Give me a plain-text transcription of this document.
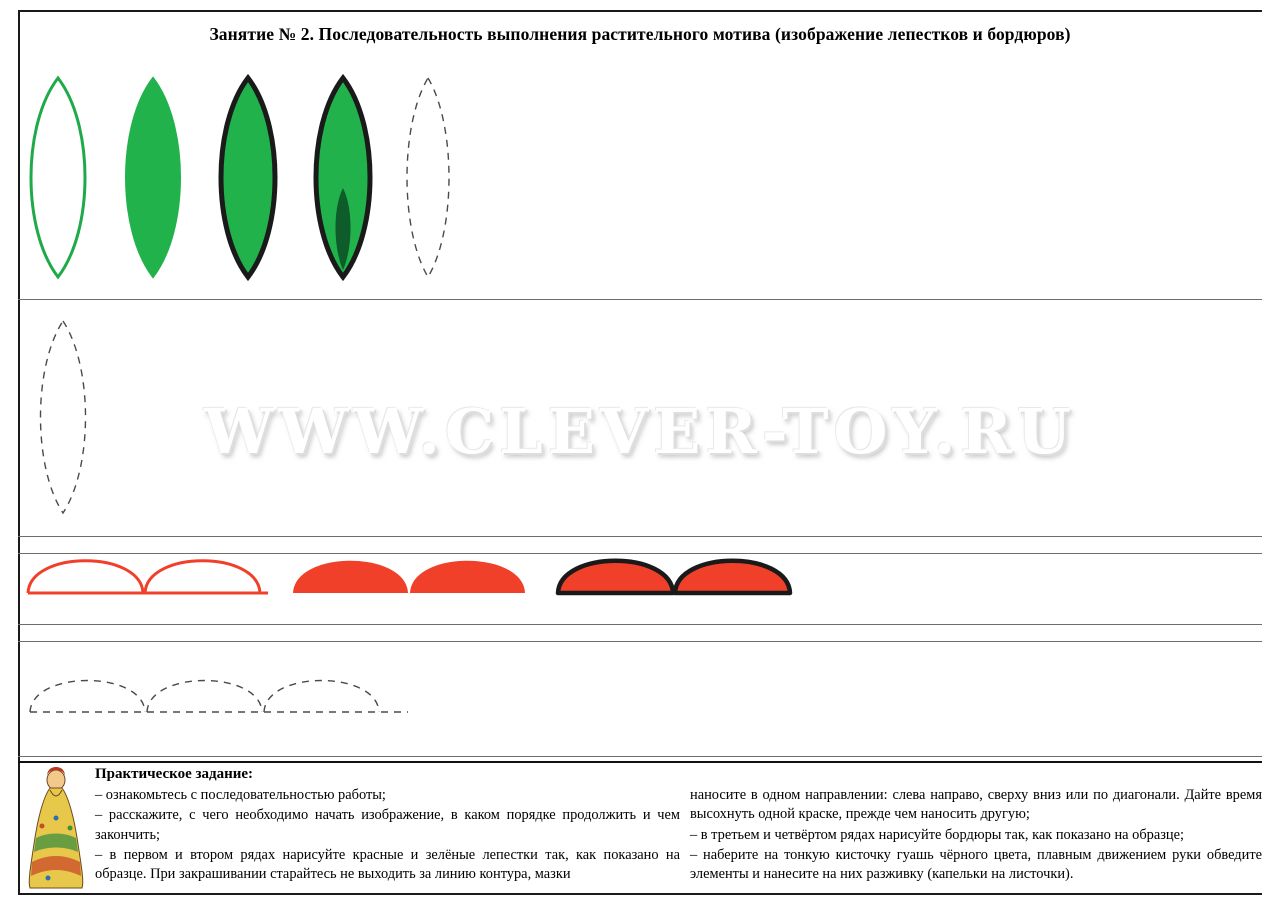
Занятие № 2. Последовательность выполнения растительного мотива (изображение лепестков и бордюров)
WWW.CLEVER-TOY.RU
Практическое задание:

– ознакомьтесь с последовательностью работы;

– расскажите, с чего необходимо начать изображение, в каком порядке продолжить и чем закончить;

– в первом и втором рядах нарисуйте красные и зелёные лепестки так, как показано на образце. При закрашивании старайтесь не выходить за линию контура, мазки

наносите в одном направлении: слева направо, сверху вниз или по диагонали. Дайте время высохнуть одной краске, прежде чем наносить другую;

– в третьем и четвёртом рядах нарисуйте бордюры так, как показано на образце;

– наберите на тонкую кисточку гуашь чёрного цвета, плавным движением руки обведите элементы и нанесите на них разживку (капельки на листочки).
